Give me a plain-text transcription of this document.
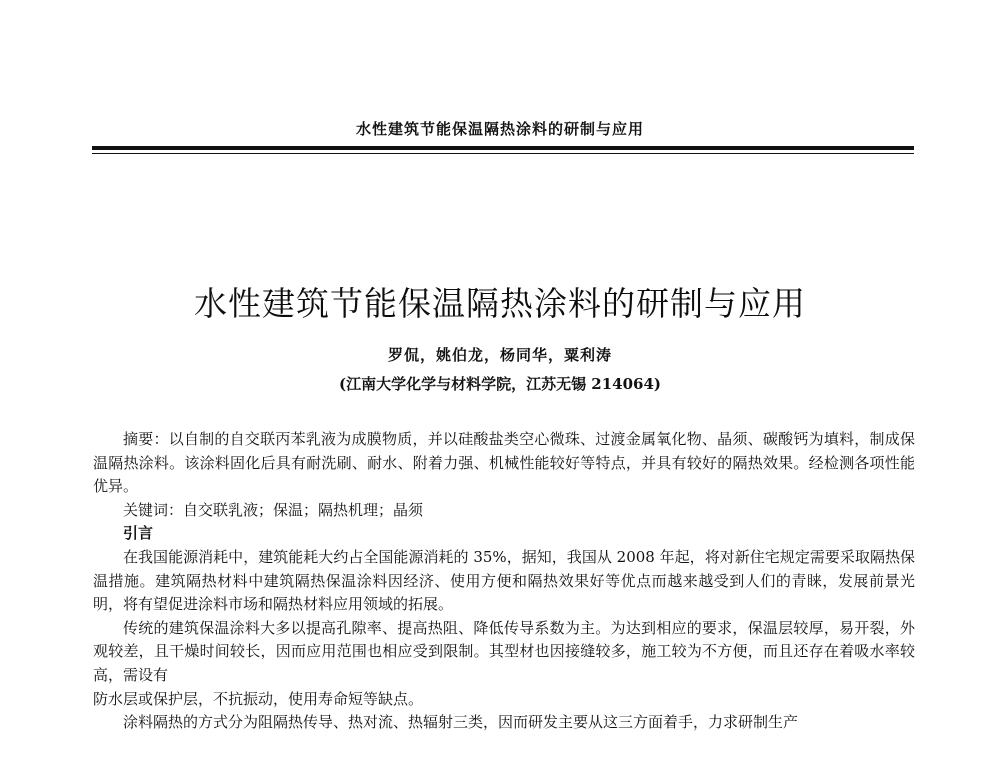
水性建筑节能保温隔热涂料的研制与应用
水性建筑节能保温隔热涂料的研制与应用
罗侃，姚伯龙，杨同华，粟利涛
(江南大学化学与材料学院，江苏无锡 214064)

摘要：以自制的自交联丙苯乳液为成膜物质，并以硅酸盐类空心微珠、过渡金属氧化物、晶须、碳酸钙为填料，制成保温隔热涂料。该涂料固化后具有耐洗刷、耐水、附着力强、机械性能较好等特点，并具有较好的隔热效果。经检测各项性能优异。

关键词：自交联乳液；保温；隔热机理；晶须

引言

在我国能源消耗中，建筑能耗大约占全国能源消耗的 35%，据知，我国从 2008 年起，将对新住宅规定需要采取隔热保温措施。建筑隔热材料中建筑隔热保温涂料因经济、使用方便和隔热效果好等优点而越来越受到人们的青睐，发展前景光明，将有望促进涂料市场和隔热材料应用领域的拓展。

传统的建筑保温涂料大多以提高孔隙率、提高热阻、降低传导系数为主。为达到相应的要求，保温层较厚，易开裂，外观较差，且干燥时间较长，因而应用范围也相应受到限制。其型材也因接缝较多，施工较为不方便，而且还存在着吸水率较高，需设有

防水层或保护层，不抗振动，使用寿命短等缺点。

涂料隔热的方式分为阻隔热传导、热对流、热辐射三类，因而研发主要从这三方面着手，力求研制生产
